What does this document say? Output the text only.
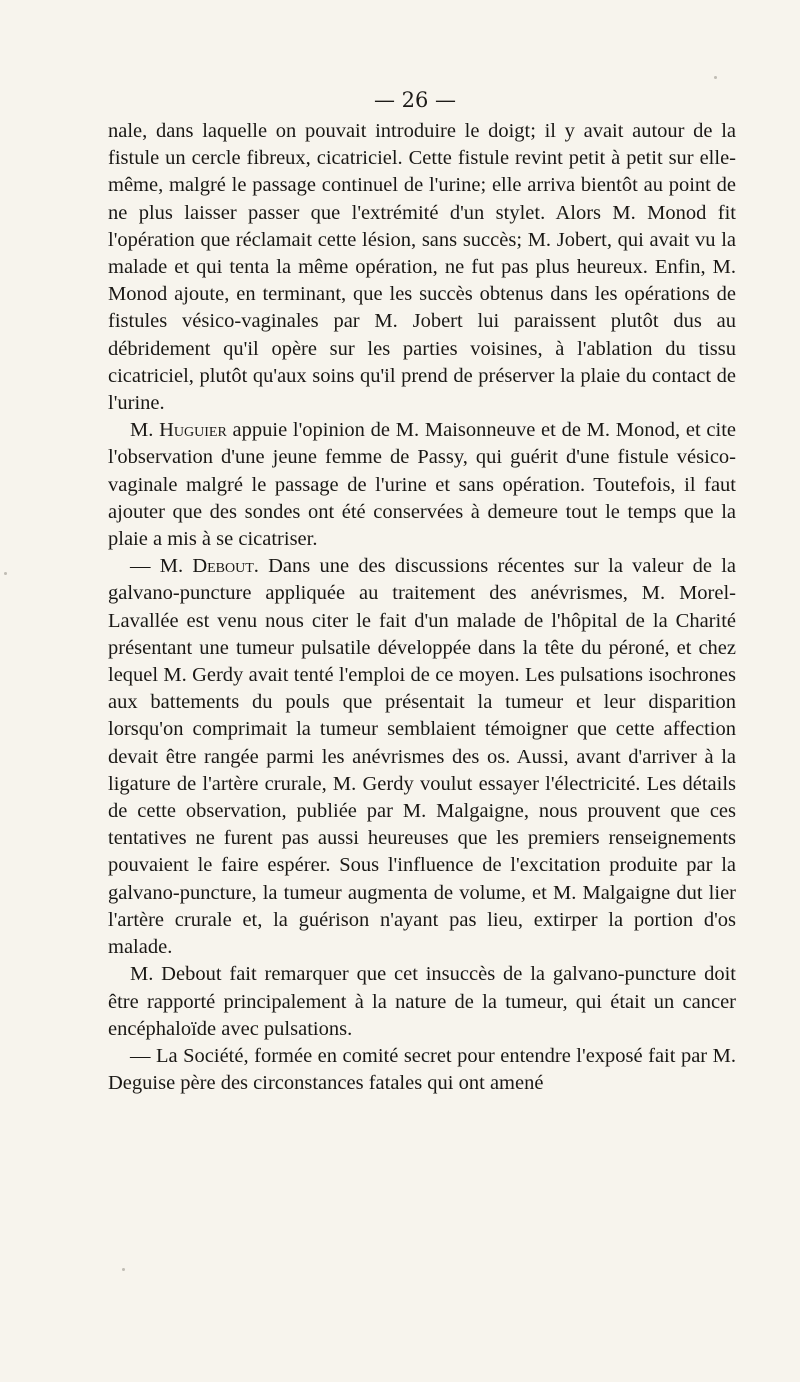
— 26 —

nale, dans laquelle on pouvait introduire le doigt; il y avait autour de la fistule un cercle fibreux, cicatriciel. Cette fistule revint petit à petit sur elle-même, malgré le passage continuel de l'urine; elle arriva bientôt au point de ne plus laisser passer que l'extrémité d'un stylet. Alors M. Monod fit l'opération que réclamait cette lésion, sans succès; M. Jobert, qui avait vu la malade et qui tenta la même opération, ne fut pas plus heureux. Enfin, M. Monod ajoute, en terminant, que les succès obtenus dans les opérations de fistules vésico-vaginales par M. Jobert lui paraissent plutôt dus au débridement qu'il opère sur les parties voisines, à l'ablation du tissu cicatriciel, plutôt qu'aux soins qu'il prend de préserver la plaie du contact de l'urine.

M. Huguier appuie l'opinion de M. Maisonneuve et de M. Monod, et cite l'observation d'une jeune femme de Passy, qui guérit d'une fistule vésico-vaginale malgré le passage de l'urine et sans opération. Toutefois, il faut ajouter que des sondes ont été conservées à demeure tout le temps que la plaie a mis à se cicatriser.

— M. Debout. Dans une des discussions récentes sur la valeur de la galvano-puncture appliquée au traitement des anévrismes, M. Morel-Lavallée est venu nous citer le fait d'un malade de l'hôpital de la Charité présentant une tumeur pulsatile développée dans la tête du péroné, et chez lequel M. Gerdy avait tenté l'emploi de ce moyen. Les pulsations isochrones aux battements du pouls que présentait la tumeur et leur disparition lorsqu'on comprimait la tumeur semblaient témoigner que cette affection devait être rangée parmi les anévrismes des os. Aussi, avant d'arriver à la ligature de l'artère crurale, M. Gerdy voulut essayer l'électricité. Les détails de cette observation, publiée par M. Malgaigne, nous prouvent que ces tentatives ne furent pas aussi heureuses que les premiers renseignements pouvaient le faire espérer. Sous l'influence de l'excitation produite par la galvano-puncture, la tumeur augmenta de volume, et M. Malgaigne dut lier l'artère crurale et, la guérison n'ayant pas lieu, extirper la portion d'os malade.

M. Debout fait remarquer que cet insuccès de la galvano-puncture doit être rapporté principalement à la nature de la tumeur, qui était un cancer encéphaloïde avec pulsations.

— La Société, formée en comité secret pour entendre l'exposé fait par M. Deguise père des circonstances fatales qui ont amené
